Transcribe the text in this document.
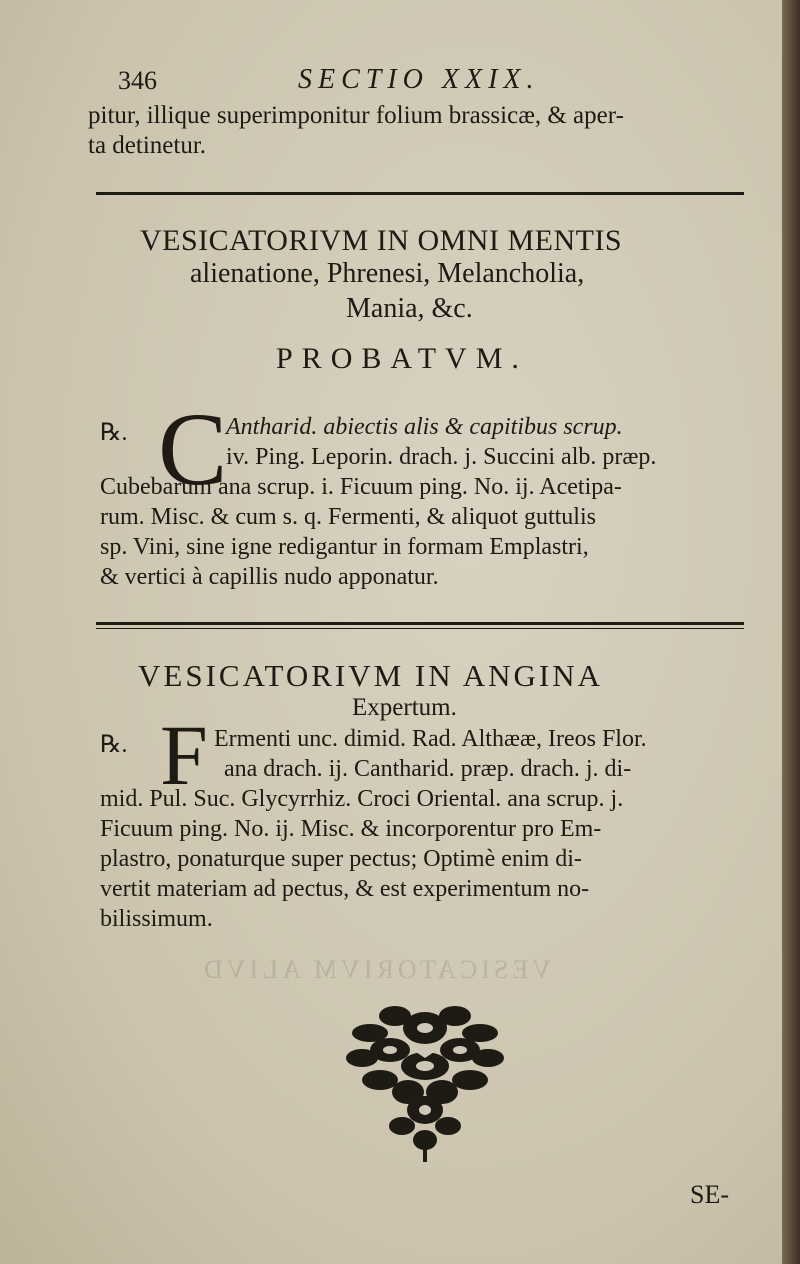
346	SECTIO XXIX.
pitur, illique superimponitur folium brassicæ, & aper-
ta detinetur.
VESICATORIVM IN OMNI MENTIS
alienatione, Phrenesi, Melancholia,
Mania, &c.
PROBATVM.
℞. C
Antharid. abiectis alis & capitibus scrup.
iv. Ping. Leporin. drach. j. Succini alb. præp.
Cubebarum ana scrup. i. Ficuum ping. No. ij. Acetipa-
rum. Misc. & cum s. q. Fermenti, & aliquot guttulis
sp. Vini, sine igne redigantur in formam Emplastri,
& vertici à capillis nudo apponatur.
VESICATORIVM IN ANGINA
Expertum.
℞. F Ermenti unc. dimid. Rad. Althææ, Ireos Flor.
ana drach. ij. Cantharid. præp. drach. j. di-
mid. Pul. Suc. Glycyrrhiz. Croci Oriental. ana scrup. j.
Ficuum ping. No. ij. Misc. & incorporentur pro Em-
plastro, ponaturque super pectus; Optimè enim di-
vertit materiam ad pectus, & est experimentum no-
bilissimum.
VESICATORIVM ALIVD
SE-
